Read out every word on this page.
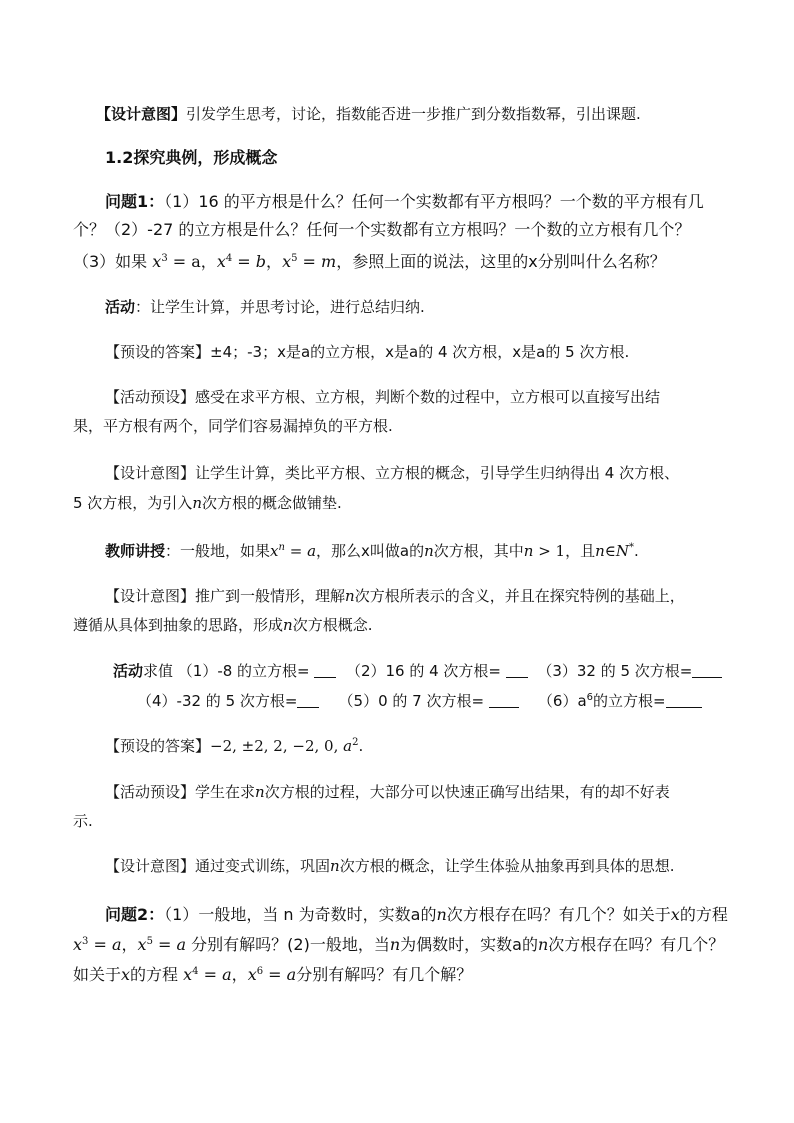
【设计意图】引发学生思考，讨论，指数能否进一步推广到分数指数幂，引出课题.
1.2探究典例，形成概念
问题1：（1）16 的平方根是什么？任何一个实数都有平方根吗？一个数的平方根有几
个？（2）-27 的立方根是什么？任何一个实数都有立方根吗？一个数的立方根有几个？
（3）如果 $x^3 = a$，$x^4 = b$，$x^5 = m$，参照上面的说法，这里的x分别叫什么名称？
活动：让学生计算，并思考讨论，进行总结归纳.
【预设的答案】±4；-3；x是a的立方根，x是a的 4 次方根，x是a的 5 次方根.
【活动预设】感受在求平方根、立方根，判断个数的过程中，立方根可以直接写出结
果，平方根有两个，同学们容易漏掉负的平方根.
【设计意图】让学生计算，类比平方根、立方根的概念，引导学生归纳得出 4 次方根、
5 次方根，为引入n次方根的概念做铺垫.
教师讲授：一般地，如果$x^n = a$，那么x叫做a的n次方根，其中n > 1，且n∈N*.
【设计意图】推广到一般情形，理解n次方根所表示的含义，并且在探究特例的基础上，
遵循从具体到抽象的思路，形成n次方根概念.
活动求值 （1）-8 的立方根=   （2）16 的 4 次方根=   （3）32 的 5 次方根=
（4）-32 的 5 次方根=	（5）0 的 7 次方根=	$(6)a^6$的立方根=
【预设的答案】−2, ±2, 2, −2, 0, $a^2$.
【活动预设】学生在求n次方根的过程，大部分可以快速正确写出结果，有的却不好表
示.
【设计意图】通过变式训练，巩固n次方根的概念，让学生体验从抽象再到具体的思想.
问题2：（1）一般地，当 n 为奇数时，实数a的n次方根存在吗？有几个？如关于x的方程
$x^3 = a$，$x^5 = a$ 分别有解吗？(2)一般地，当n为偶数时，实数a的n次方根存在吗？有几个？
如关于x的方程 $x^4 = a$，$x^6 = a$分别有解吗？有几个解？
